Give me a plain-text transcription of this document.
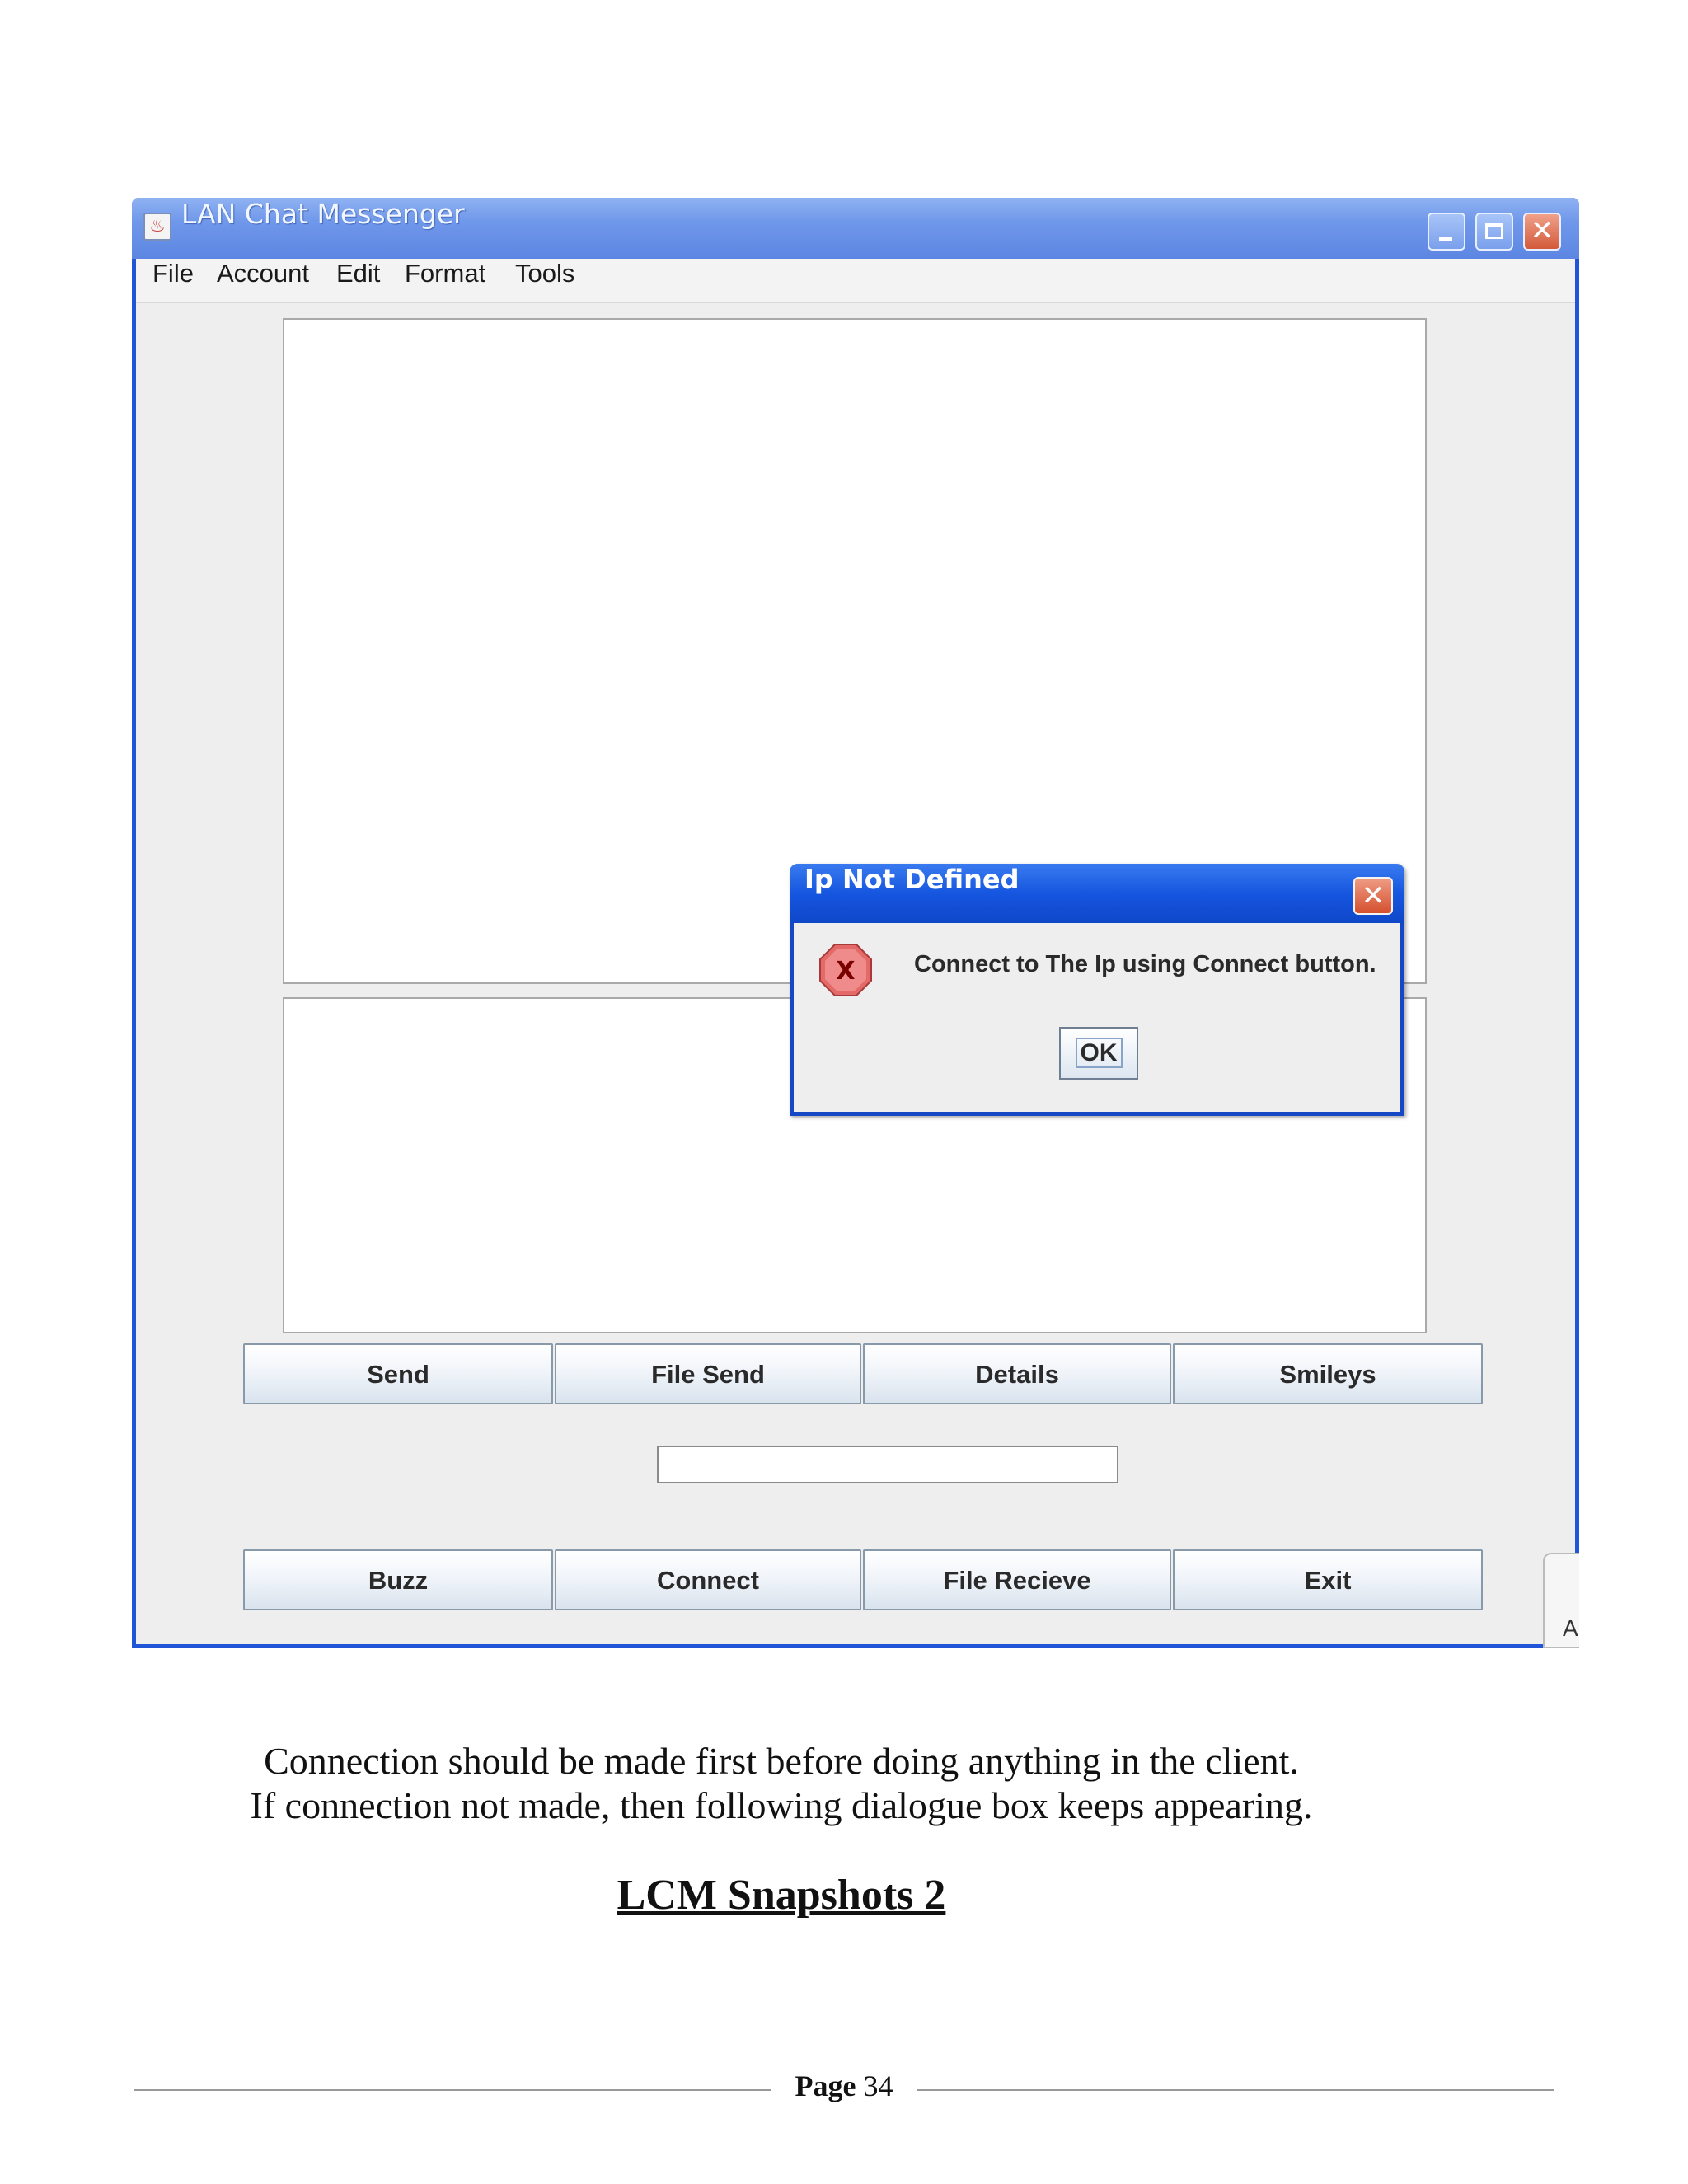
♨ LAN Chat Messenger
✕
File Account Edit Format Tools
Send	File Send	Details	Smileys
Buzz	Connect	File Recieve	Exit
A
Ip Not Defined	✕
X Connect to The Ip using Connect button.
OK
Connection should be made first before doing anything in the client.
If connection not made, then following dialogue box keeps appearing.
LCM Snapshots 2
Page 34
